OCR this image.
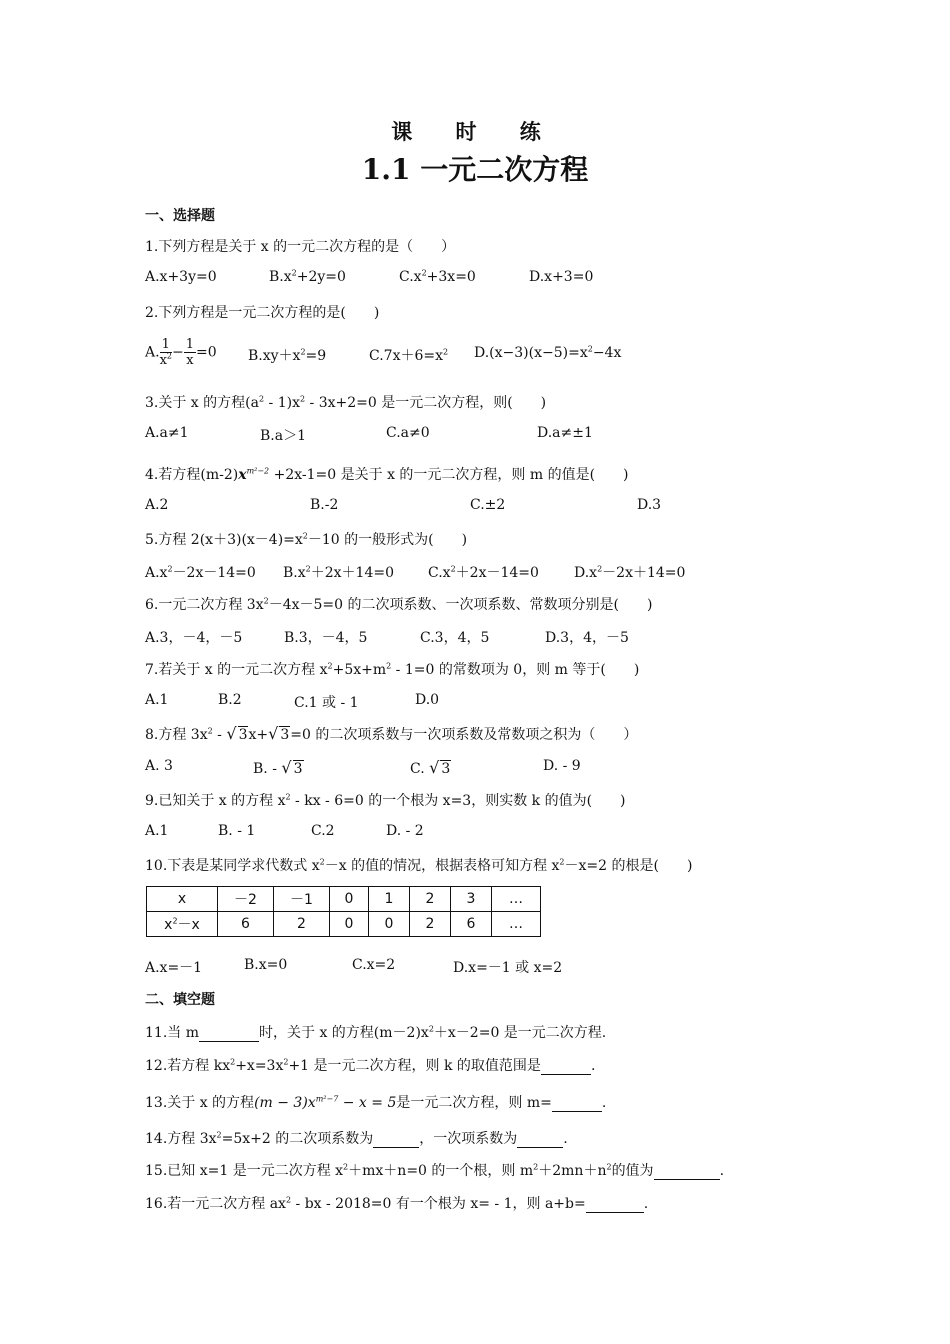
课 时 练
1.1 一元二次方程
一、选择题
1.下列方程是关于 x 的一元二次方程的是（　　）
A.x+3y=0	$B.x^2+2y=0$	$C.x^2+3x=0$	D.x+3=0
2.下列方程是一元二次方程的是(　　)
A. $\frac{1}{x^2} - \frac{1}{x} =0$ $B.xy+x^2=9$	$C.7x+6=x^2$ $D.(x-3)(x-5)=x^2-4x$
3.关于 x 的方程$(a^2 - 1)x^2 - 3x+2=0$ 是一元二次方程，则(　　)
A.a≠1	B.a＞1	C.a≠0	D.a≠±1
4.若方程$(m-2)x^{m^2-2} +2x-1=0$ 是关于 x 的一元二次方程，则 m 的值是(　　)
A.2	B.-2	C.±2	D.3
5.方程 $2(x+3)(x-4)=x^2-10$ 的一般形式为(　　)
$A.x^2-2x-14=0$ $B.x^2+2x+14=0$ $C.x^2+2x-14=0$	$D.x^2-2x+14=0$
6.一元二次方程 $3x^2-4x-5=0$ 的二次项系数、一次项系数、常数项分别是(　　)
A.3，－4，－5	B.3，－4，5	C.3，4，5	D.3，4，－5
7.若关于 x 的一元二次方程 $x^2+5x+m^2 - 1=0$ 的常数项为 0，则 m 等于(　　)
A.1	B.2	C.1 或 - 1	D.0
8.方程 $3x^2$ - √ 3x+√ 3=0 的二次项系数与一次项系数及常数项之积为（　　）
A. 3	B. - √ 3	C. √ 3	D. - 9
9.已知关于 x 的方程 $x^2$ - kx - 6=0 的一个根为 x=3，则实数 k 的值为(　　)
A.1	B. - 1	C.2	D. - 2
10.下表是某同学求代数式 $x^2-x$ 的值的情况，根据表格可知方程 $x^2-x=2$ 的根是(　　)
x	－2	－1	0	1	2	3	…
$x^2-x$	6	2	0	0	2	6	…
A.x=－1	B.x=0	C.x=2	D.x=－1 或 x=2
二、填空题
11.当 m	时，关于 x 的方程$(m-2)x^2+x-2=0$ 是一元二次方程.
12.若方程 $kx^2+x=3x^2+1$ 是一元二次方程，则 k 的取值范围是	.
13.关于 x 的方程$(m - 3)x^{m^2-7} - x = 5$是一元二次方程，则 m=	.
14.方程 $3x^2=5x+2$ 的二次项系数为	，一次项系数为	.
15.已知 x=1 是一元二次方程 $x^2+mx+n=0$ 的一个根，则 $m^2+2mn+n^2$的值为	.
16.若一元二次方程 $ax^2$ - bx - 2018=0 有一个根为 x= - 1，则 a+b=	.
